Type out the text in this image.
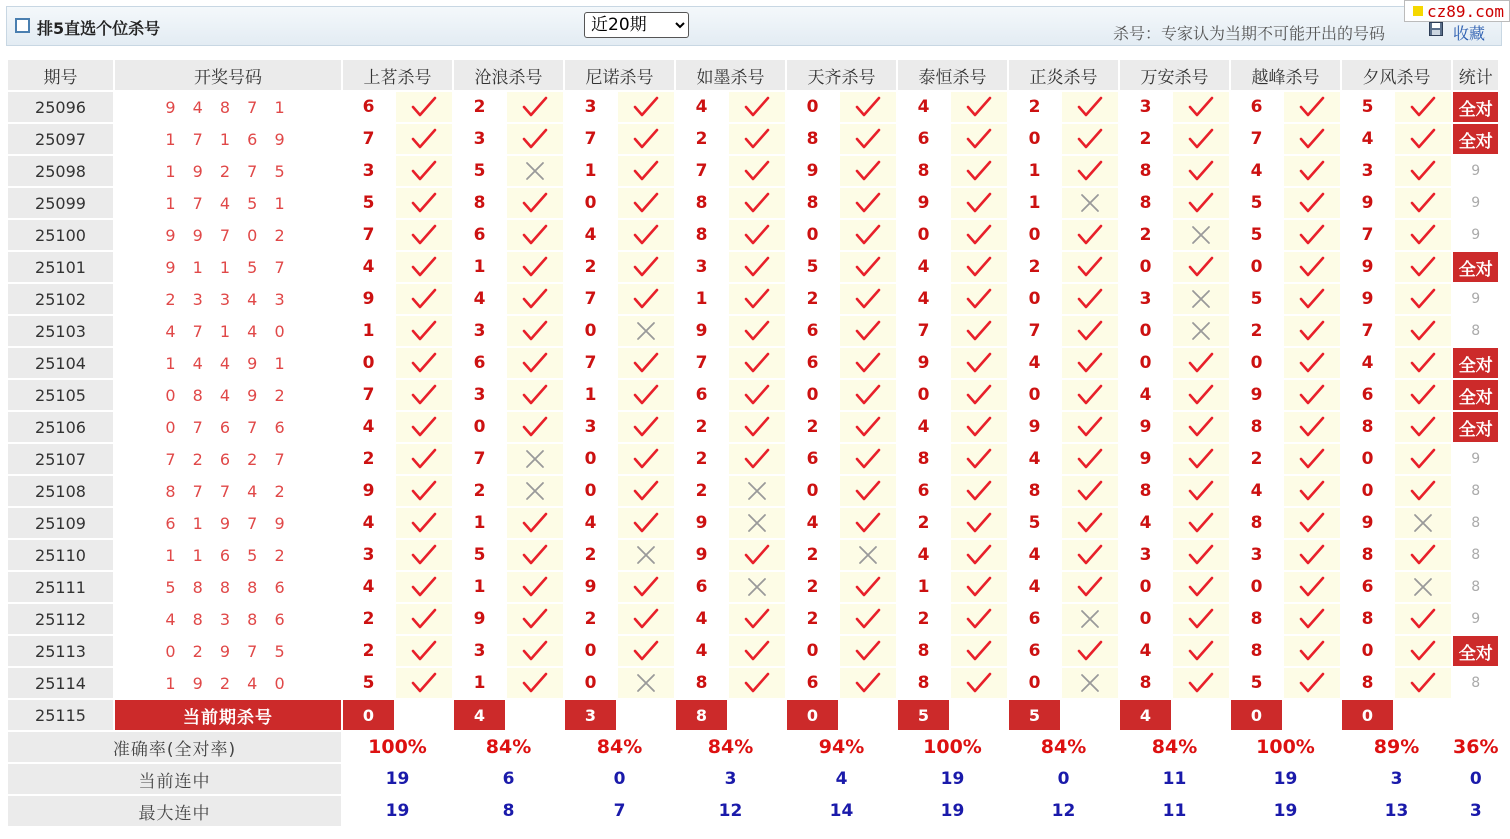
排5直选个位杀号
近20期	杀号：专家认为当期不可能开出的号码	收藏
cz89.com
期号	开奖号码	上茗杀号		沧浪杀号		尼诺杀号		如墨杀号		天齐杀号		泰恒杀号		正炎杀号		万安杀号		越峰杀号		夕风杀号		统计
25096	9 4 8 7 1	6		2		3		4		0		4		2		3		6		5		全对
25097	1 7 1 6 9	7		3		7		2		8		6		0		2		7		4		全对
25098	1 9 2 7 5	3		5		1		7		9		8		1		8		4		3		9
25099	1 7 4 5 1	5		8		0		8		8		9		1		8		5		9		9
25100	9 9 7 0 2	7		6		4		8		0		0		0		2		5		7		9
25101	9 1 1 5 7	4		1		2		3		5		4		2		0		0		9		全对
25102	2 3 3 4 3	9		4		7		1		2		4		0		3		5		9		9
25103	4 7 1 4 0	1		3		0		9		6		7		7		0		2		7		8
25104	1 4 4 9 1	0		6		7		7		6		9		4		0		0		4		全对
25105	0 8 4 9 2	7		3		1		6		0		0		0		4		9		6		全对
25106	0 7 6 7 6	4		0		3		2		2		4		9		9		8		8		全对
25107	7 2 6 2 7	2		7		0		2		6		8		4		9		2		0		9
25108	8 7 7 4 2	9		2		0		2		0		6		8		8		4		0		8
25109	6 1 9 7 9	4		1		4		9		4		2		5		4		8		9		8
25110	1 1 6 5 2	3		5		2		9		2		4		4		3		3		8		8
25111	5 8 8 8 6	4		1		9		6		2		1		4		0		0		6		8
25112	4 8 3 8 6	2		9		2		4		2		2		6		0		8		8		9
25113	0 2 9 7 5	2		3		0		4		0		8		6		4		8		0		全对
25114	1 9 2 4 0	5		1		0		8		6		8		0		8		5		8		8
25115	当前期杀号	0		4		3		8		0		5		5		4		0		0		
准确率(全对率)		100%		84%		84%		84%		94%		100%		84%		84%		100%		89%		36%
当前连中		19		6		0		3		4		19		0		11		19		3		0
最大连中		19		8		7		12		14		19		12		11		19		13		3
